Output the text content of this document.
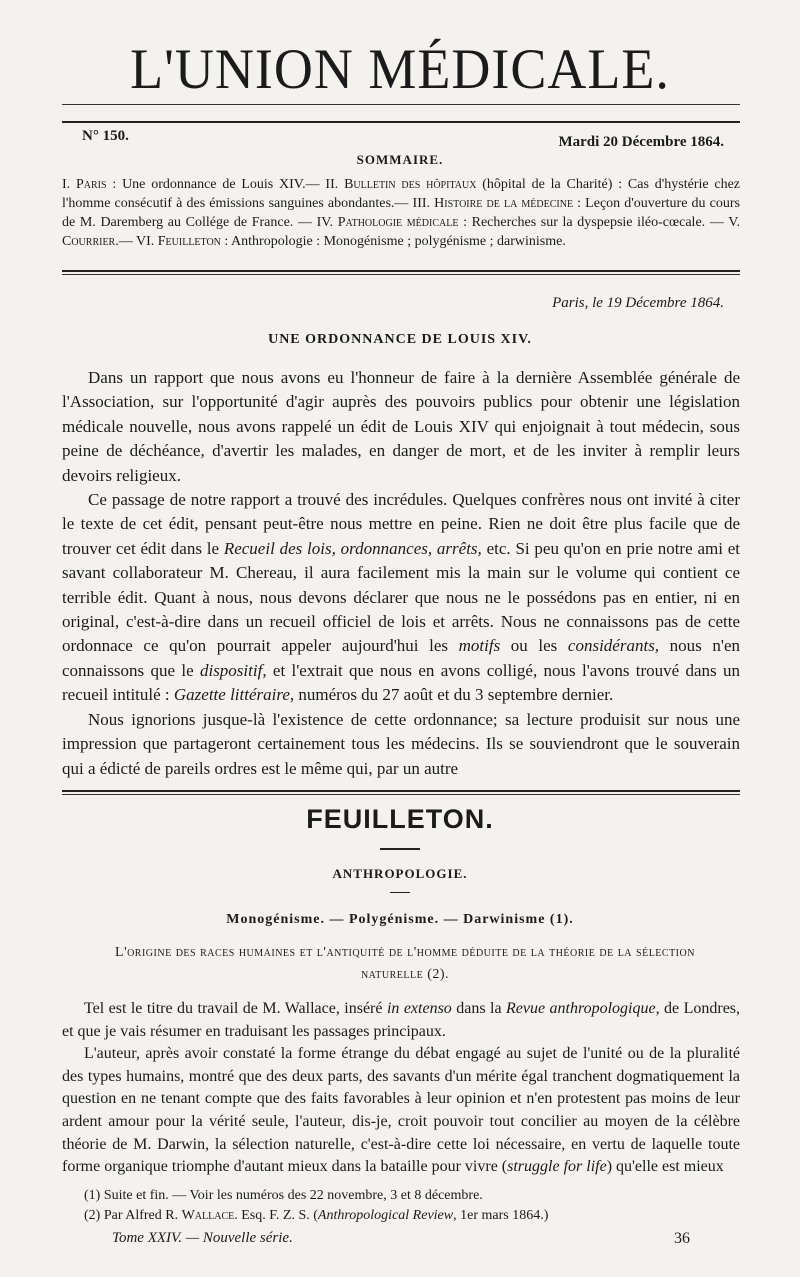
L'UNION MÉDICALE.
N° 150.	Mardi 20 Décembre 1864.
SOMMAIRE.
I. Paris : Une ordonnance de Louis XIV.— II. Bulletin des hôpitaux (hôpital de la Charité) : Cas d'hystérie chez l'homme consécutif à des émissions sanguines abondantes.— III. Histoire de la médecine : Leçon d'ouverture du cours de M. Daremberg au Collége de France. — IV. Pathologie médicale : Recherches sur la dyspepsie iléo-cœcale. — V. Courrier.— VI. Feuilleton : Anthropologie : Monogénisme ; polygénisme ; darwinisme.
Paris, le 19 Décembre 1864.
UNE ORDONNANCE DE LOUIS XIV.

Dans un rapport que nous avons eu l'honneur de faire à la dernière Assemblée générale de l'Association, sur l'opportunité d'agir auprès des pouvoirs publics pour obtenir une législation médicale nouvelle, nous avons rappelé un édit de Louis XIV qui enjoignait à tout médecin, sous peine de déchéance, d'avertir les malades, en danger de mort, et de les inviter à remplir leurs devoirs religieux.

Ce passage de notre rapport a trouvé des incrédules. Quelques confrères nous ont invité à citer le texte de cet édit, pensant peut-être nous mettre en peine. Rien ne doit être plus facile que de trouver cet édit dans le Recueil des lois, ordonnances, arrêts, etc. Si peu qu'on en prie notre ami et savant collaborateur M. Chereau, il aura facilement mis la main sur le volume qui contient ce terrible édit. Quant à nous, nous devons déclarer que nous ne le possédons pas en entier, ni en original, c'est-à-dire dans un recueil officiel de lois et arrêts. Nous ne connaissons pas de cette ordonnace ce qu'on pourrait appeler aujourd'hui les motifs ou les considérants, nous n'en connaissons que le dispositif, et l'extrait que nous en avons colligé, nous l'avons trouvé dans un recueil intitulé : Gazette littéraire, numéros du 27 août et du 3 septembre dernier.

Nous ignorions jusque-là l'existence de cette ordonnance; sa lecture produisit sur nous une impression que partageront certainement tous les médecins. Ils se souviendront que le souverain qui a édicté de pareils ordres est le même qui, par un autre

FEUILLETON.
ANTHROPOLOGIE.
Monogénisme. — Polygénisme. — Darwinisme (1).
L'origine des races humaines et l'antiquité de l'homme déduite de la théorie de la sélection naturelle (2).

Tel est le titre du travail de M. Wallace, inséré in extenso dans la Revue anthropologique, de Londres, et que je vais résumer en traduisant les passages principaux.

L'auteur, après avoir constaté la forme étrange du débat engagé au sujet de l'unité ou de la pluralité des types humains, montré que des deux parts, des savants d'un mérite égal tranchent dogmatiquement la question en ne tenant compte que des faits favorables à leur opinion et n'en protestent pas moins de leur ardent amour pour la vérité seule, l'auteur, dis-je, croit pouvoir tout concilier au moyen de la célèbre théorie de M. Darwin, la sélection naturelle, c'est-à-dire cette loi nécessaire, en vertu de laquelle toute forme organique triomphe d'autant mieux dans la bataille pour vivre (struggle for life) qu'elle est mieux

(1) Suite et fin. — Voir les numéros des 22 novembre, 3 et 8 décembre.
(2) Par Alfred R. Wallace. Esq. F. Z. S. (Anthropological Review, 1er mars 1864.)
Tome XXIV. — Nouvelle série.	36
